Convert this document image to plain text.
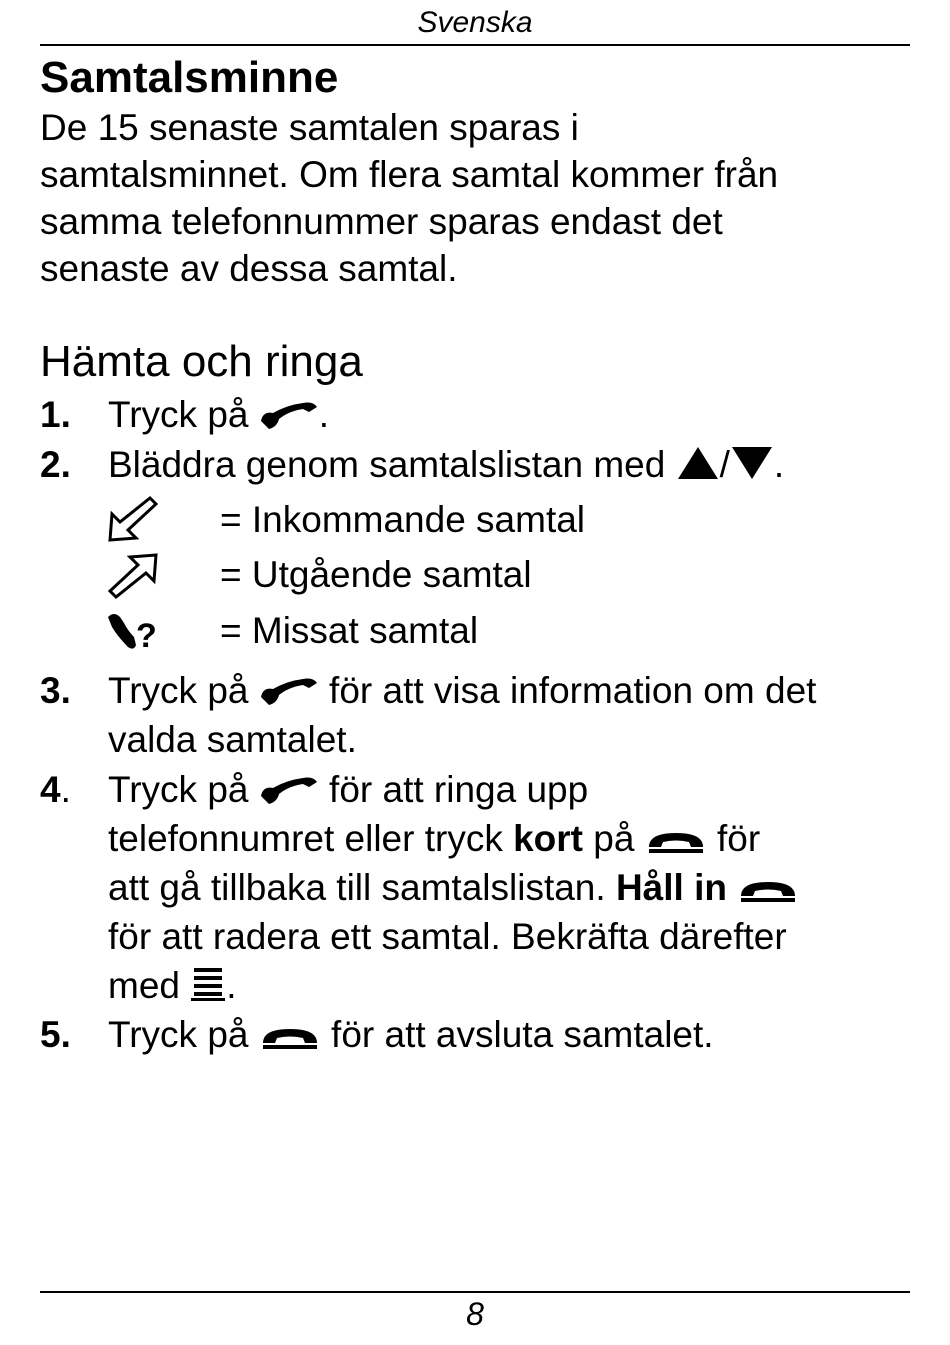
Svenska
Samtalsminne

De 15 senaste samtalen sparas i
samtalsminnet. Om flera samtal kommer från
samma telefonnummer sparas endast det
senaste av dessa samtal.

Hämta och ringa
1. Tryck på .
2. Bläddra genom samtalslistan med / .
= Inkommande samtal
= Utgående samtal
? = Missat samtal
3. Tryck på för att visa information om det
valda samtalet.
4. Tryck på för att ringa upp
telefonnumret eller tryck kort på för
att gå tillbaka till samtalslistan. Håll in
för att radera ett samtal. Bekräfta därefter
med .
5. Tryck på för att avsluta samtalet.
8
